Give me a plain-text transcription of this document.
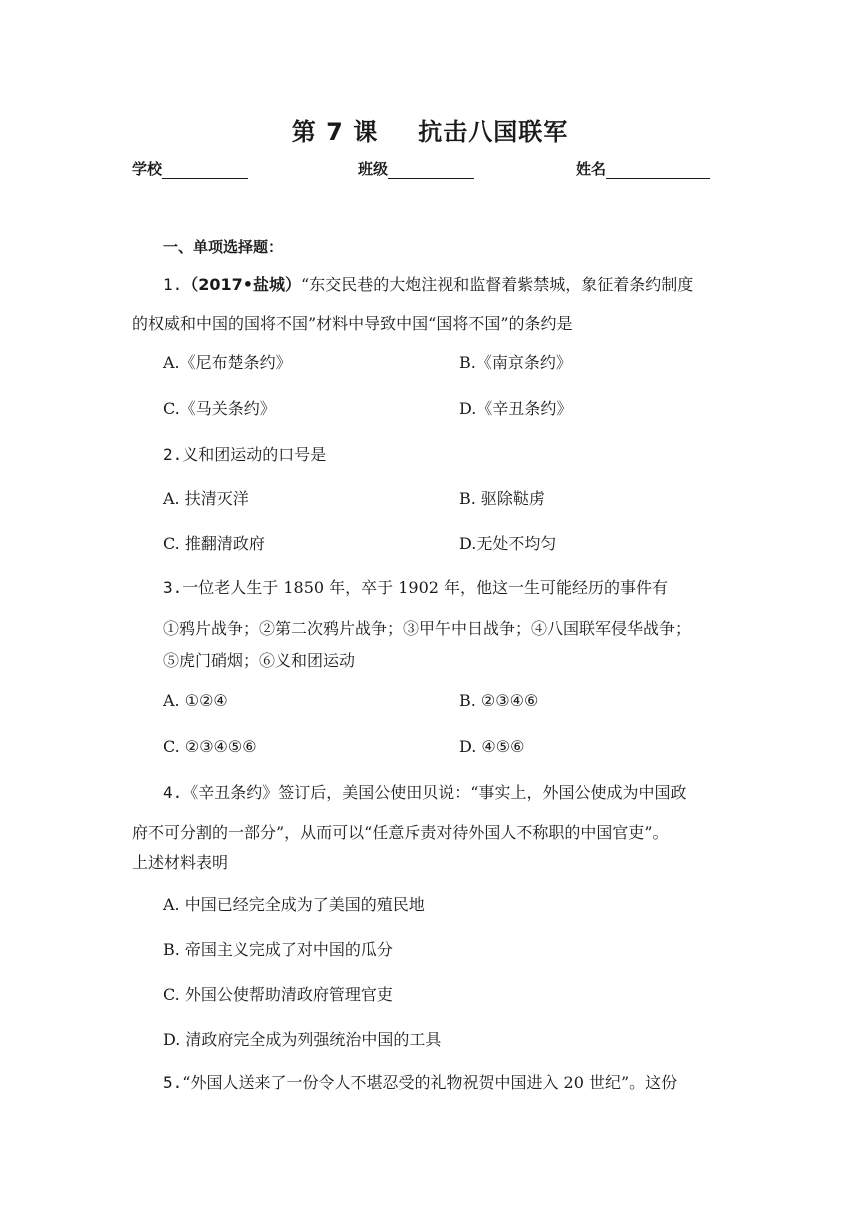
第 7 课 抗击八国联军
学校	班级	姓名
一、单项选择题：
1.（2017•盐城）“东交民巷的大炮注视和监督着紫禁城，象征着条约制度
的权威和中国的国将不国”材料中导致中国“国将不国”的条约是
A.《尼布楚条约》	B.《南京条约》
C.《马关条约》	D.《辛丑条约》
2.义和团运动的口号是
A. 扶清灭洋	B. 驱除鞑虏
C. 推翻清政府	D.无处不均匀
3.一位老人生于 1850 年，卒于 1902 年，他这一生可能经历的事件有
①鸦片战争；②第二次鸦片战争；③甲午中日战争；④八国联军侵华战争；
⑤虎门硝烟；⑥义和团运动
A. ①②④	B. ②③④⑥
C. ②③④⑤⑥	D. ④⑤⑥
4.《辛丑条约》签订后，美国公使田贝说：“事实上，外国公使成为中国政
府不可分割的一部分”，从而可以“任意斥责对待外国人不称职的中国官吏”。
上述材料表明
A. 中国已经完全成为了美国的殖民地
B. 帝国主义完成了对中国的瓜分
C. 外国公使帮助清政府管理官吏
D. 清政府完全成为列强统治中国的工具
5.“外国人送来了一份令人不堪忍受的礼物祝贺中国进入 20 世纪”。这份
